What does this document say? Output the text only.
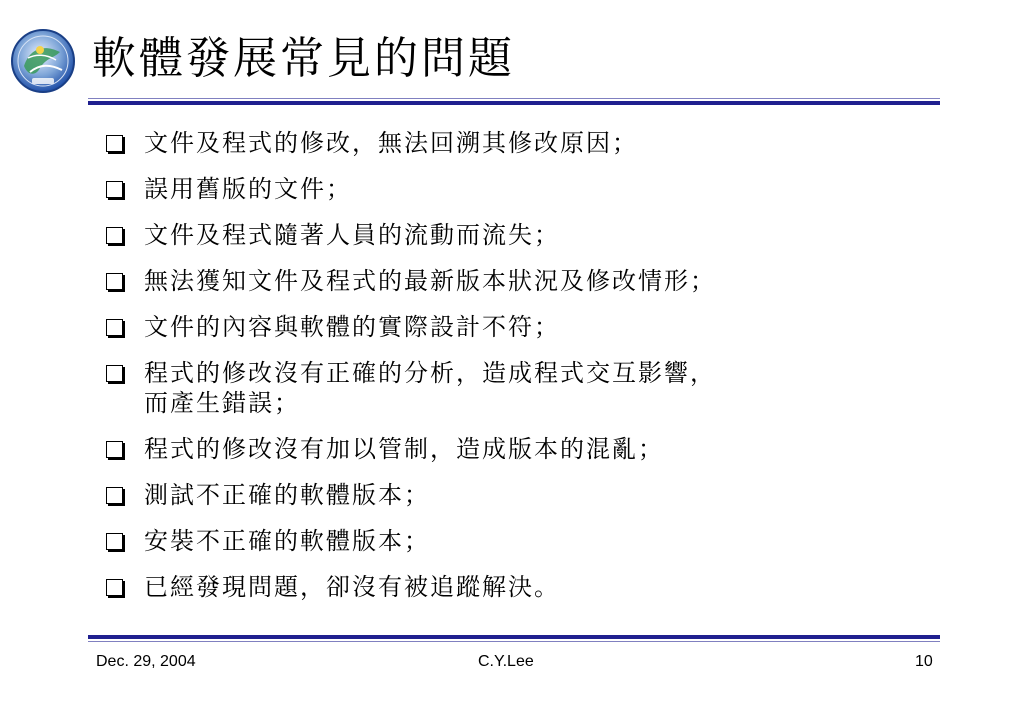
軟體發展常見的問題
文件及程式的修改，無法回溯其修改原因；
誤用舊版的文件；
文件及程式隨著人員的流動而流失；
無法獲知文件及程式的最新版本狀況及修改情形；
文件的內容與軟體的實際設計不符；
程式的修改沒有正確的分析，造成程式交互影響，
而產生錯誤；
程式的修改沒有加以管制，造成版本的混亂；
測試不正確的軟體版本；
安裝不正確的軟體版本；
已經發現問題，卻沒有被追蹤解決。
Dec. 29, 2004	C.Y.Lee	10
